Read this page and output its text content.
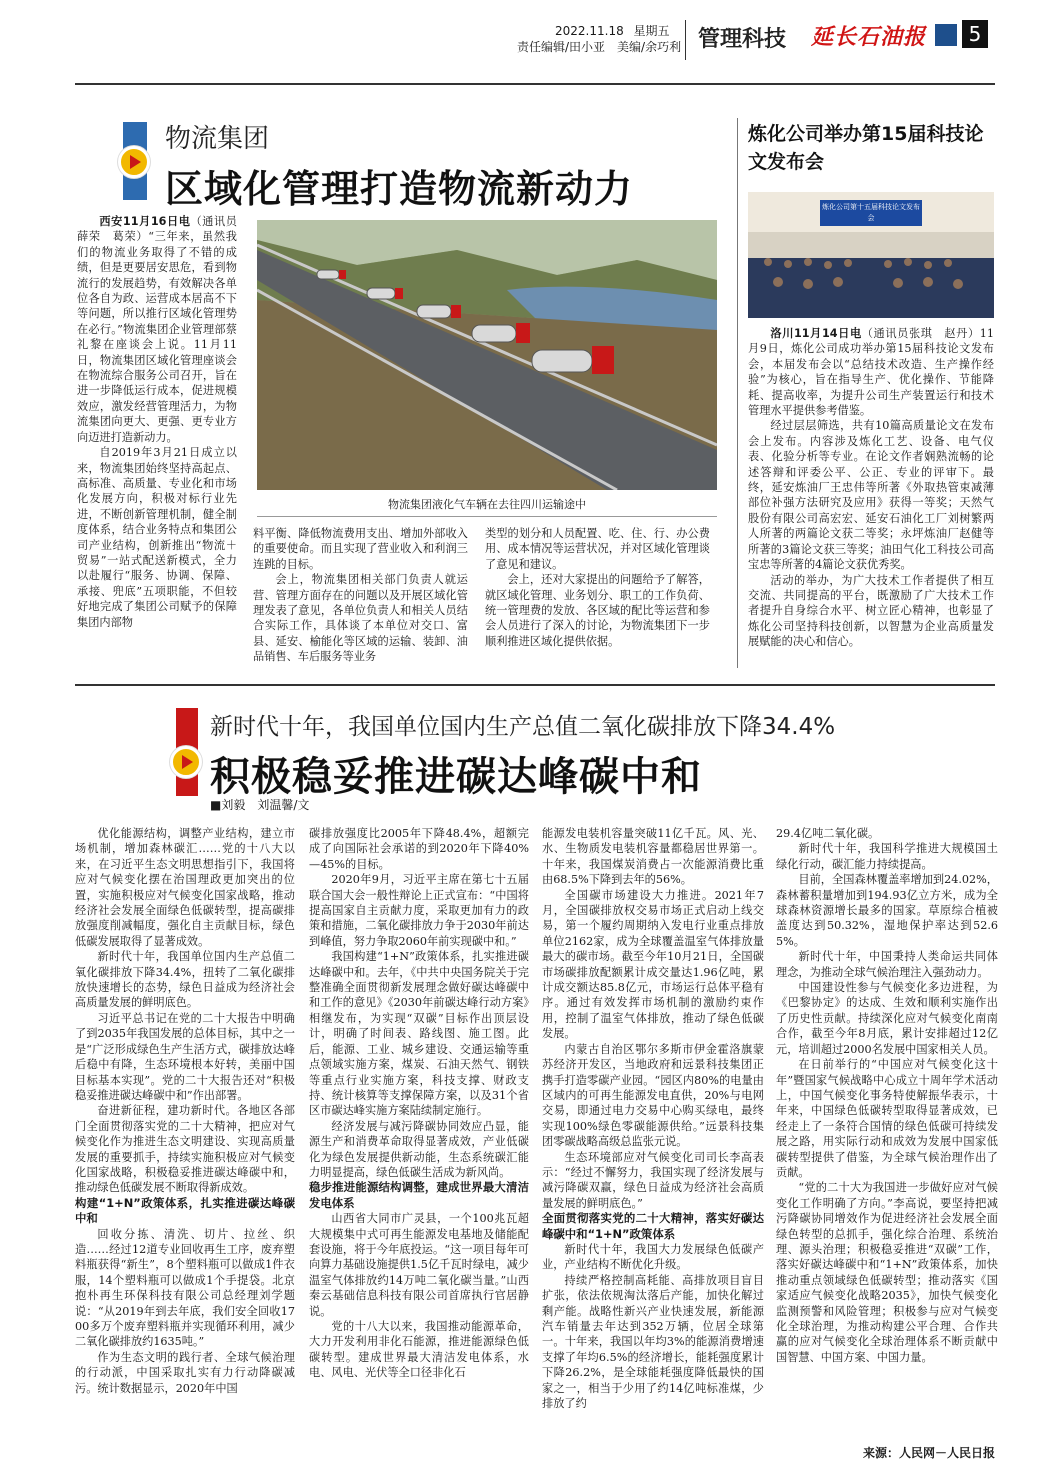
2022.11.18 星期五
责任编辑/田小亚　美编/余巧利 管理科技 延长石油报	5
物流集团
区域化管理打造物流新动力

西安11月16日电（通讯员薛荣　葛荣）“三年来，虽然我们的物流业务取得了不错的成绩，但是更要居安思危，看到物流行的发展趋势，有效解决各单位各自为政、运营成本居高不下等问题，所以推行区域化管理势在必行。”物流集团企业管理部蔡礼黎在座谈会上说。11月11日，物流集团区域化管理座谈会在物流综合服务公司召开，旨在进一步降低运行成本，促进规模效应，激发经营管理活力，为物流集团向更大、更强、更专业方向迈进打造新动力。

自2019年3月21日成立以来，物流集团始终坚持高起点、高标准、高质量、专业化和市场化发展方向，积极对标行业先进，不断创新管理机制，健全制度体系，结合业务特点和集团公司产业结构，创新推出“物流＋贸易”一站式配送新模式，全力以赴履行“服务、协调、保障、承接、兜底”五项职能，不但较好地完成了集团公司赋予的保障集团内部物

物流集团液化气车辆在去往四川运输途中

料平衡、降低物流费用支出、增加外部收入的重要使命。而且实现了营业收入和利润三连跳的目标。

会上，物流集团相关部门负责人就运营、管理方面存在的问题以及开展区域化管理发表了意见，各单位负责人和相关人员结合实际工作，具体谈了本单位对交口、富县、延安、榆能化等区域的运输、装卸、油品销售、车后服务等业务

类型的划分和人员配置、吃、住、行、办公费用、成本情况等运营状况，并对区域化管理谈了意见和建议。

会上，还对大家提出的问题给予了解答，就区域化管理、业务划分、职工的工作负荷、统一管理费的发放、各区域的配比等运营和参会人员进行了深入的讨论，为物流集团下一步顺利推进区域化提供依据。

炼化公司举办第15届科技论文发布会
炼化公司第十五届科技论文发布会

洛川11月14日电（通讯员张琪　赵丹）11月9日，炼化公司成功举办第15届科技论文发布会，本届发布会以“总结技术改造、生产操作经验”为核心，旨在指导生产、优化操作、节能降耗、提高收率，为提升公司生产装置运行和技术管理水平提供参考借鉴。

经过层层筛选，共有10篇高质量论文在发布会上发布。内容涉及炼化工艺、设备、电气仪表、化验分析等专业。在论文作者娴熟流畅的论述答辩和评委公平、公正、专业的评审下。最终，延安炼油厂王忠伟等所著《外取热管束减薄部位补强方法研究及应用》获得一等奖；天然气股份有限公司高宏宏、延安石油化工厂刘树繁两人所著的两篇论文获二等奖；永坪炼油厂赵健等所著的3篇论文获三等奖；油田气化工科技公司高宝忠等所著的4篇论文获优秀奖。

活动的举办，为广大技术工作者提供了相互交流、共同提高的平台，既激励了广大技术工作者提升自身综合水平、树立匠心精神，也彰显了炼化公司坚持科技创新，以智慧为企业高质量发展赋能的决心和信心。

新时代十年，我国单位国内生产总值二氧化碳排放下降34.4%
积极稳妥推进碳达峰碳中和
■刘毅　刘温馨/文

优化能源结构，调整产业结构，建立市场机制，增加森林碳汇……党的十八大以来，在习近平生态文明思想指引下，我国将应对气候变化摆在治国理政更加突出的位置，实施积极应对气候变化国家战略，推动经济社会发展全面绿色低碳转型，提高碳排放强度削减幅度，强化自主贡献目标，绿色低碳发展取得了显著成效。

新时代十年，我国单位国内生产总值二氧化碳排放下降34.4%，扭转了二氧化碳排放快速增长的态势，绿色日益成为经济社会高质量发展的鲜明底色。

习近平总书记在党的二十大报告中明确了到2035年我国发展的总体目标，其中之一是“广泛形成绿色生产生活方式，碳排放达峰后稳中有降，生态环境根本好转，美丽中国目标基本实现”。党的二十大报告还对“积极稳妥推进碳达峰碳中和”作出部署。

奋进新征程，建功新时代。各地区各部门全面贯彻落实党的二十大精神，把应对气候变化作为推进生态文明建设、实现高质量发展的重要抓手，持续实施积极应对气候变化国家战略，积极稳妥推进碳达峰碳中和，推动绿色低碳发展不断取得新成效。

构建“1+N”政策体系，扎实推进碳达峰碳中和

回收分拣、清洗、切片、拉丝、织造……经过12道专业回收再生工序，废弃塑料瓶获得“新生”，8个塑料瓶可以做成1件衣服，14个塑料瓶可以做成1个手提袋。北京抱朴再生环保科技有限公司总经理刘学题说：“从2019年到去年底，我们安全回收1700多万个废弃塑料瓶并实现循环利用，减少二氧化碳排放约1635吨。”

作为生态文明的践行者、全球气候治理的行动派，中国采取扎实有力行动降碳减污。统计数据显示，2020年中国

碳排放强度比2005年下降48.4%，超额完成了向国际社会承诺的到2020年下降40%—45%的目标。

2020年9月，习近平主席在第七十五届联合国大会一般性辩论上正式宣布：“中国将提高国家自主贡献力度，采取更加有力的政策和措施，二氧化碳排放力争于2030年前达到峰值，努力争取2060年前实现碳中和。”

我国构建“1+N”政策体系，扎实推进碳达峰碳中和。去年，《中共中央国务院关于完整准确全面贯彻新发展理念做好碳达峰碳中和工作的意见》《2030年前碳达峰行动方案》相继发布，为实现“双碳”目标作出顶层设计，明确了时间表、路线图、施工图。此后，能源、工业、城乡建设、交通运输等重点领域实施方案，煤炭、石油天然气、钢铁等重点行业实施方案，科技支撑、财政支持、统计核算等支撑保障方案，以及31个省区市碳达峰实施方案陆续制定施行。

经济发展与减污降碳协同效应凸显，能源生产和消费革命取得显著成效，产业低碳化为绿色发展提供新动能，生态系统碳汇能力明显提高，绿色低碳生活成为新风尚。

稳步推进能源结构调整，建成世界最大清洁发电体系

山西省大同市广灵县，一个100兆瓦超大规模集中式可再生能源发电基地及储能配套设施，将于今年底投运。“这一项目每年可向算力基础设施提供1.5亿千瓦时绿电，减少温室气体排放约14万吨二氧化碳当量。”山西秦云基础信息科技有限公司首席执行官居静说。

党的十八大以来，我国推动能源革命，大力开发利用非化石能源，推进能源绿色低碳转型。建成世界最大清洁发电体系，水电、风电、光伏等全口径非化石

能源发电装机容量突破11亿千瓦。风、光、水、生物质发电装机容量都稳居世界第一。十年来，我国煤炭消费占一次能源消费比重由68.5%下降到去年的56%。

全国碳市场建设大力推进。2021年7月，全国碳排放权交易市场正式启动上线交易，第一个履约周期纳入发电行业重点排放单位2162家，成为全球覆盖温室气体排放量最大的碳市场。截至今年10月21日，全国碳市场碳排放配额累计成交量达1.96亿吨，累计成交额达85.8亿元，市场运行总体平稳有序。通过有效发挥市场机制的激励约束作用，控制了温室气体排放，推动了绿色低碳发展。

内蒙古自治区鄂尔多斯市伊金霍洛旗蒙苏经济开发区，当地政府和远景科技集团正携手打造零碳产业园。“园区内80%的电量由区域内的可再生能源发电直供，20%与电网交易，即通过电力交易中心购买绿电，最终实现100%绿色零碳能源供给。”远景科技集团零碳战略高级总监张元说。

生态环境部应对气候变化司司长李高表示：“经过不懈努力，我国实现了经济发展与减污降碳双赢，绿色日益成为经济社会高质量发展的鲜明底色。”

全面贯彻落实党的二十大精神，落实好碳达峰碳中和“1+N”政策体系

新时代十年，我国大力发展绿色低碳产业，产业结构不断优化升级。

持续严格控制高耗能、高排放项目盲目扩张，依法依规淘汰落后产能，加快化解过剩产能。战略性新兴产业快速发展，新能源汽车销量去年达到352万辆，位居全球第一。十年来，我国以年均3%的能源消费增速支撑了年均6.5%的经济增长，能耗强度累计下降26.2%，是全球能耗强度降低最快的国家之一，相当于少用了约14亿吨标准煤，少排放了约

29.4亿吨二氧化碳。

新时代十年，我国科学推进大规模国土绿化行动，碳汇能力持续提高。

目前，全国森林覆盖率增加到24.02%，森林蓄积量增加到194.93亿立方米，成为全球森林资源增长最多的国家。草原综合植被盖度达到50.32%，湿地保护率达到52.65%。

新时代十年，中国秉持人类命运共同体理念，为推动全球气候治理注入强劲动力。

中国建设性参与气候变化多边进程，为《巴黎协定》的达成、生效和顺利实施作出了历史性贡献。持续深化应对气候变化南南合作，截至今年8月底，累计安排超过12亿元，培训超过2000名发展中国家相关人员。

在日前举行的“中国应对气候变化这十年”暨国家气候战略中心成立十周年学术活动上，中国气候变化事务特使解振华表示，十年来，中国绿色低碳转型取得显著成效，已经走上了一条符合国情的绿色低碳可持续发展之路，用实际行动和成效为发展中国家低碳转型提供了借鉴，为全球气候治理作出了贡献。

“党的二十大为我国进一步做好应对气候变化工作明确了方向。”李高说，要坚持把减污降碳协同增效作为促进经济社会发展全面绿色转型的总抓手，强化综合治理、系统治理、源头治理；积极稳妥推进“双碳”工作，落实好碳达峰碳中和“1+N”政策体系，加快推动重点领域绿色低碳转型；推动落实《国家适应气候变化战略2035》，加快气候变化监测预警和风险管理；积极参与应对气候变化全球治理，为推动构建公平合理、合作共赢的应对气候变化全球治理体系不断贡献中国智慧、中国方案、中国力量。

来源：人民网－人民日报
